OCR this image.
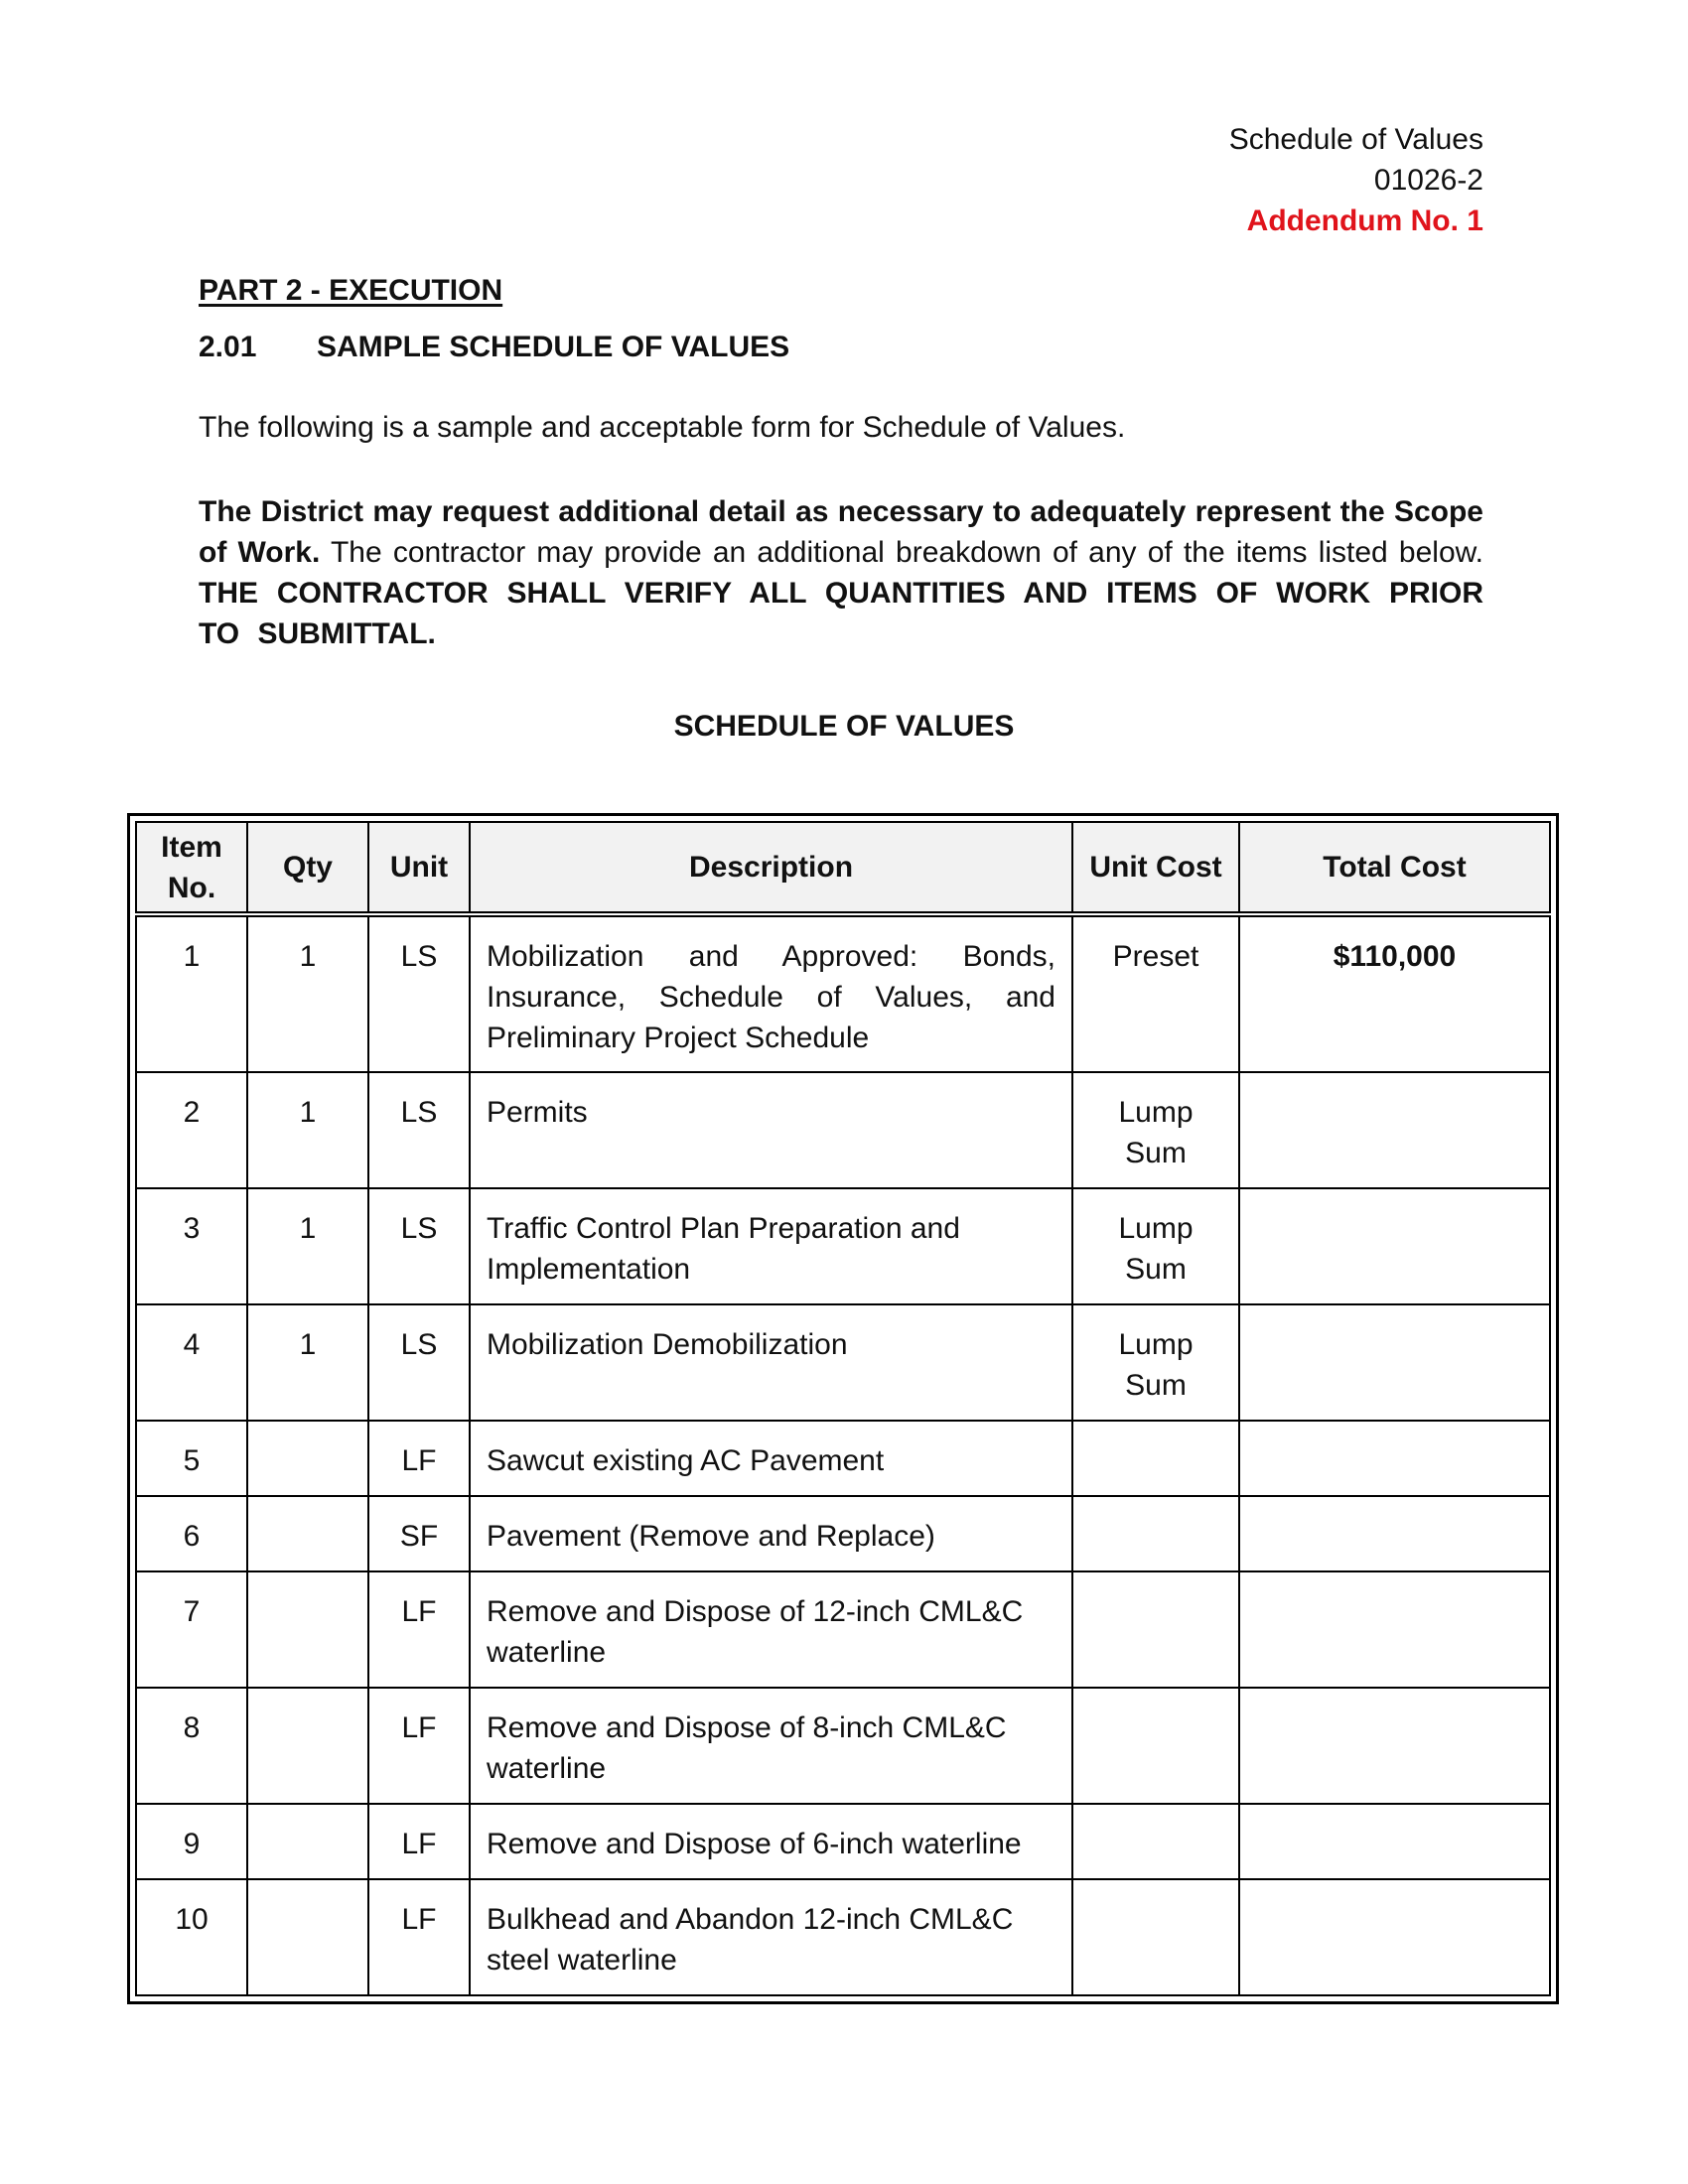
Schedule of Values
01026-2
Addendum No. 1
PART 2 - EXECUTION
2.01 SAMPLE SCHEDULE OF VALUES
The following is a sample and acceptable form for Schedule of Values.
The District may request additional detail as necessary to adequately represent the Scope of Work. The contractor may provide an additional breakdown of any of the items listed below. THE CONTRACTOR SHALL VERIFY ALL QUANTITIES AND ITEMS OF WORK PRIOR TO SUBMITTAL.
SCHEDULE OF VALUES
Item
No.	Qty	Unit	Description	Unit Cost	Total Cost
1	1	LS	Mobilization and Approved: Bonds, Insurance, Schedule of Values, and Preliminary Project Schedule	Preset	$110,000
2	1	LS	Permits	Lump
Sum	

3	1	LS	Traffic Control Plan Preparation and Implementation	Lump
Sum	

4	1	LS	Mobilization Demobilization	Lump
Sum	

5		LF	Sawcut existing AC Pavement	

6		SF	Pavement (Remove and Replace)	

7		LF	Remove and Dispose of 12-inch CML&C waterline	

8		LF	Remove and Dispose of 8-inch CML&C waterline	

9		LF	Remove and Dispose of 6-inch waterline	

10		LF	Bulkhead and Abandon 12-inch CML&C steel waterline	
